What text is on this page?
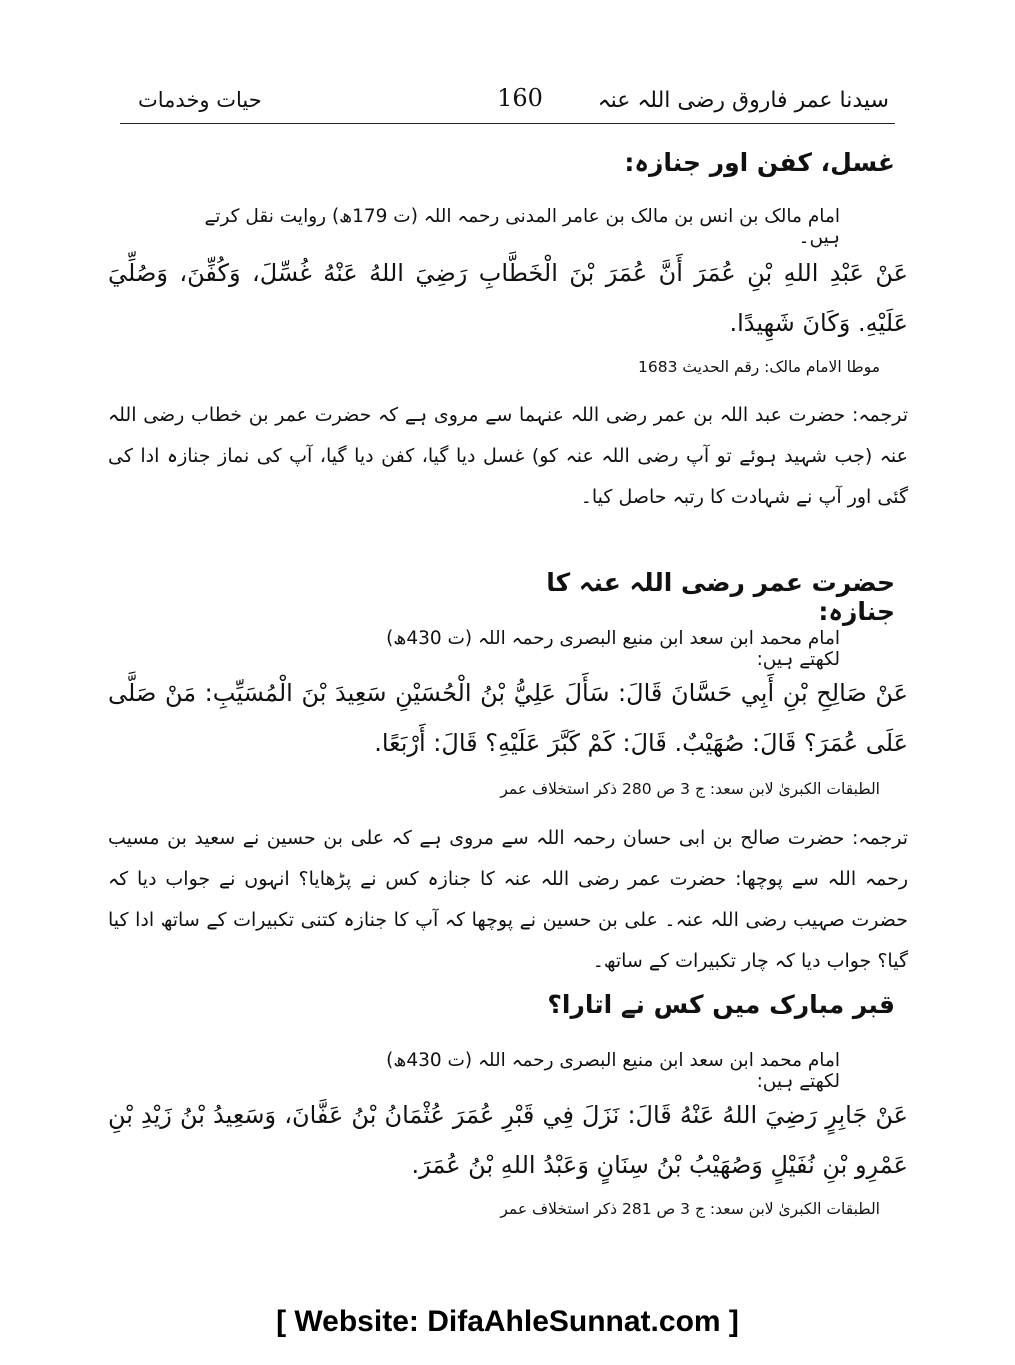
حیات وخدمات	160	سیدنا عمر فاروق رضی اللہ عنہ
غسل، کفن اور جنازہ:
امام مالک بن انس بن مالک بن عامر المدنی رحمہ اللہ (ت 179ھ) روایت نقل کرتے ہیں۔
عَنْ عَبْدِ اللهِ بْنِ عُمَرَ أَنَّ عُمَرَ بْنَ الْخَطَّابِ رَضِيَ اللهُ عَنْهُ غُسِّلَ، وَكُفِّنَ، وَصُلِّيَ عَلَيْهِ. وَكَانَ شَهِيدًا.
موطا الامام مالک: رقم الحدیث 1683
ترجمہ: حضرت عبد اللہ بن عمر رضی اللہ عنہما سے مروی ہے کہ حضرت عمر بن خطاب رضی اللہ عنہ (جب شہید ہوئے تو آپ رضی اللہ عنہ کو) غسل دیا گیا، کفن دیا گیا، آپ کی نماز جنازہ ادا کی گئی اور آپ نے شہادت کا رتبہ حاصل کیا۔
حضرت عمر رضی اللہ عنہ کا جنازہ:
امام محمد ابن سعد ابن منیع البصری رحمہ اللہ (ت 430ھ) لکھتے ہیں:
عَنْ صَالِحِ بْنِ أَبِي حَسَّانَ قَالَ: سَأَلَ عَلِيُّ بْنُ الْحُسَيْنِ سَعِيدَ بْنَ الْمُسَيِّبِ: مَنْ صَلَّى عَلَى عُمَرَ؟ قَالَ: صُهَيْبٌ. قَالَ: كَمْ كَبَّرَ عَلَيْهِ؟ قَالَ: أَرْبَعًا.
الطبقات الکبریٰ لابن سعد: ج 3 ص 280 ذکر استخلاف عمر
ترجمہ: حضرت صالح بن ابی حسان رحمہ اللہ سے مروی ہے کہ علی بن حسین نے سعید بن مسیب رحمہ اللہ سے پوچھا: حضرت عمر رضی اللہ عنہ کا جنازہ کس نے پڑھایا؟ انہوں نے جواب دیا کہ حضرت صہیب رضی اللہ عنہ۔ علی بن حسین نے پوچھا کہ آپ کا جنازہ کتنی تکبیرات کے ساتھ ادا کیا گیا؟ جواب دیا کہ چار تکبیرات کے ساتھ۔
قبر مبارک میں کس نے اتارا؟
امام محمد ابن سعد ابن منیع البصری رحمہ اللہ (ت 430ھ) لکھتے ہیں:
عَنْ جَابِرٍ رَضِيَ اللهُ عَنْهُ قَالَ: نَزَلَ فِي قَبْرِ عُمَرَ عُثْمَانُ بْنُ عَفَّانَ، وَسَعِيدُ بْنُ زَيْدِ بْنِ عَمْرِو بْنِ نُفَيْلٍ وَصُهَيْبُ بْنُ سِنَانٍ وَعَبْدُ اللهِ بْنُ عُمَرَ.
الطبقات الکبریٰ لابن سعد: ج 3 ص 281 ذکر استخلاف عمر
[ Website: DifaAhleSunnat.com ]
